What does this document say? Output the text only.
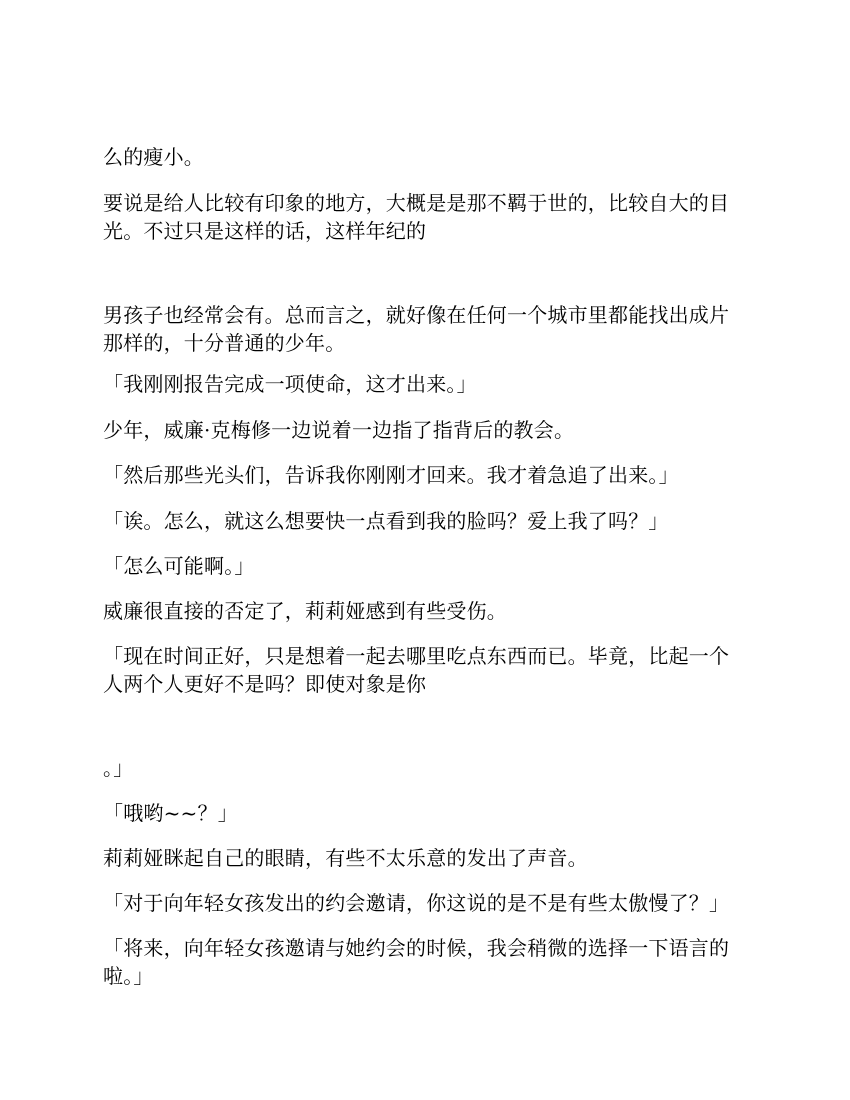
么的瘦小。

要说是给人比较有印象的地方，大概是是那不羁于世的，比较自大的目
光。不过只是这样的话，这样年纪的

男孩子也经常会有。总而言之，就好像在任何一个城市里都能找出成片
那样的，十分普通的少年。

「我刚刚报告完成一项使命，这才出来。」

少年，威廉·克梅修一边说着一边指了指背后的教会。

「然后那些光头们，告诉我你刚刚才回来。我才着急追了出来。」

「诶。怎么，就这么想要快一点看到我的脸吗？爱上我了吗？」

「怎么可能啊。」

威廉很直接的否定了，莉莉娅感到有些受伤。

「现在时间正好，只是想着一起去哪里吃点东西而已。毕竟，比起一个
人两个人更好不是吗？即使对象是你

。」

「哦哟~~？」

莉莉娅眯起自己的眼睛，有些不太乐意的发出了声音。

「对于向年轻女孩发出的约会邀请，你这说的是不是有些太傲慢了？」

「将来，向年轻女孩邀请与她约会的时候，我会稍微的选择一下语言的
啦。」
